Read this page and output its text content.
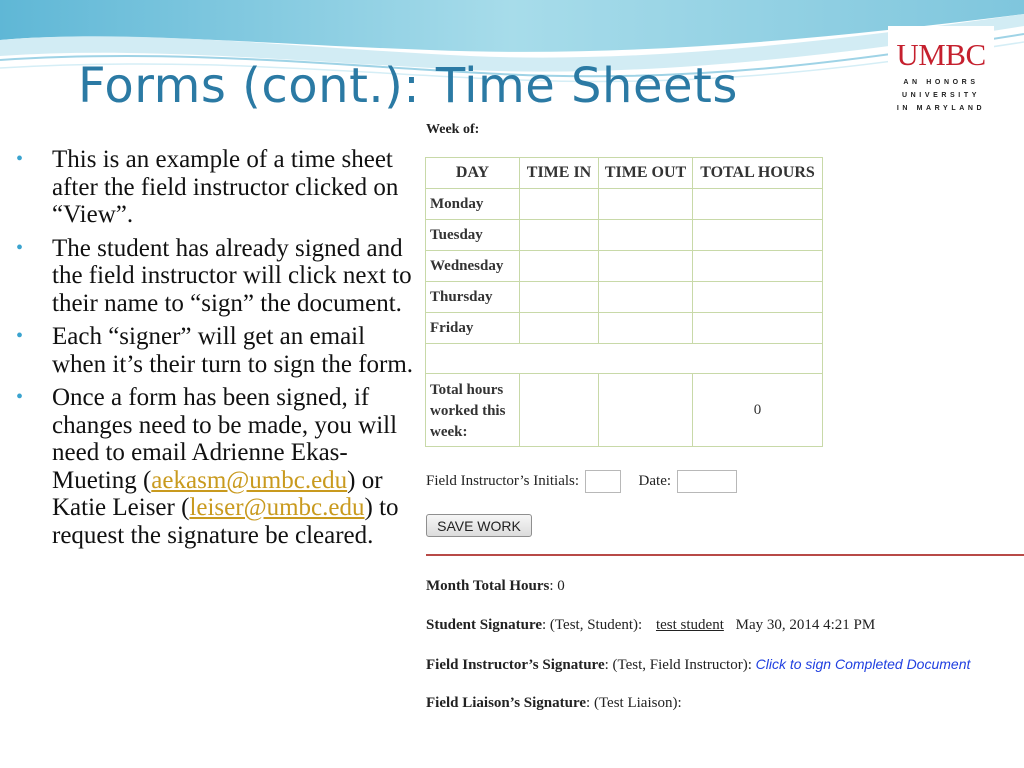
Forms (cont.): Time Sheets
UMBC
AN HONORS
UNIVERSITY
IN MARYLAND
• This is an example of a time sheet after the field instructor clicked on “View”.
• The student has already signed and the field instructor will click next to their name to “sign” the document.
• Each “signer” will get an email when it’s their turn to sign the form.
• Once a form has been signed, if changes need to be made, you will need to email Adrienne Ekas-Mueting (aekasm@umbc.edu) or Katie Leiser (leiser@umbc.edu) to request the signature be cleared.
Week of:
DAY	TIME IN	TIME OUT	TOTAL HOURS
Monday			
Tuesday			
Wednesday			
Thursday			
Friday			

Total hours worked this week:			0
Field Instructor’s Initials:	Date:
SAVE WORK
Month Total Hours: 0
Student Signature: (Test, Student): test student May 30, 2014 4:21 PM
Field Instructor’s Signature: (Test, Field Instructor): Click to sign Completed Document
Field Liaison’s Signature: (Test Liaison):
